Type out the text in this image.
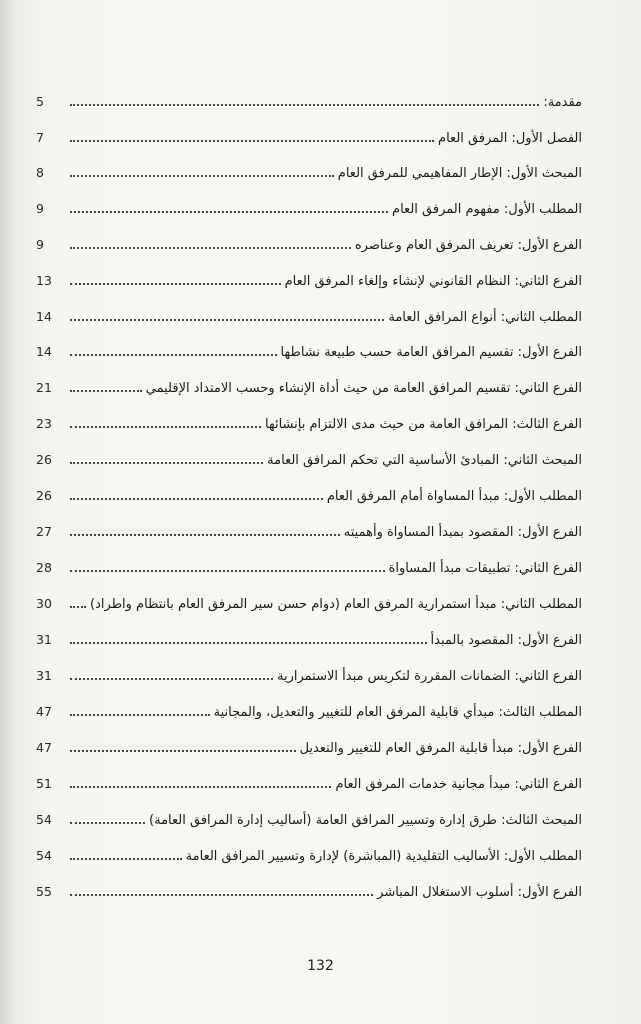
5	مقدمة:
7	الفصل الأول: المرفق العام
8	المبحث الأول: الإطار المفاهيمي للمرفق العام
9	المطلب الأول: مفهوم المرفق العام
9	الفرع الأول: تعريف المرفق العام وعناصره
13	الفرع الثاني: النظام القانوني لإنشاء وإلغاء المرفق العام
14	المطلب الثاني: أنواع المرافق العامة
14	الفرع الأول: تقسيم المرافق العامة حسب طبيعة نشاطها
21	الفرع الثاني: تقسيم المرافق العامة من حيث أداة الإنشاء وحسب الامتداد الإقليمي
23	الفرع الثالث: المرافق العامة من حيث مدى الالتزام بإنشائها
26	المبحث الثاني: المبادئ الأساسية التي تحكم المرافق العامة
26	المطلب الأول: مبدأ المساواة أمام المرفق العام
27	الفرع الأول: المقصود بمبدأ المساواة وأهميته
28	الفرع الثاني: تطبيقات مبدأ المساواة
30	المطلب الثاني: مبدأ استمرارية المرفق العام (دوام حسن سير المرفق العام بانتظام واطراد)
31	الفرع الأول: المقصود بالمبدأ
31	الفرع الثاني: الضمانات المقررة لتكريس مبدأ الاستمرارية
47	المطلب الثالث: مبدأي قابلية المرفق العام للتغيير والتعديل، والمجانية
47	الفرع الأول: مبدأ قابلية المرفق العام للتغيير والتعديل
51	الفرع الثاني: مبدأ مجانية خدمات المرفق العام
54	المبحث الثالث: طرق إدارة وتسيير المرافق العامة (أساليب إدارة المرافق العامة)
54	المطلب الأول: الأساليب التقليدية (المباشرة) لإدارة وتسيير المرافق العامة
55	الفرع الأول: أسلوب الاستغلال المباشر
132
